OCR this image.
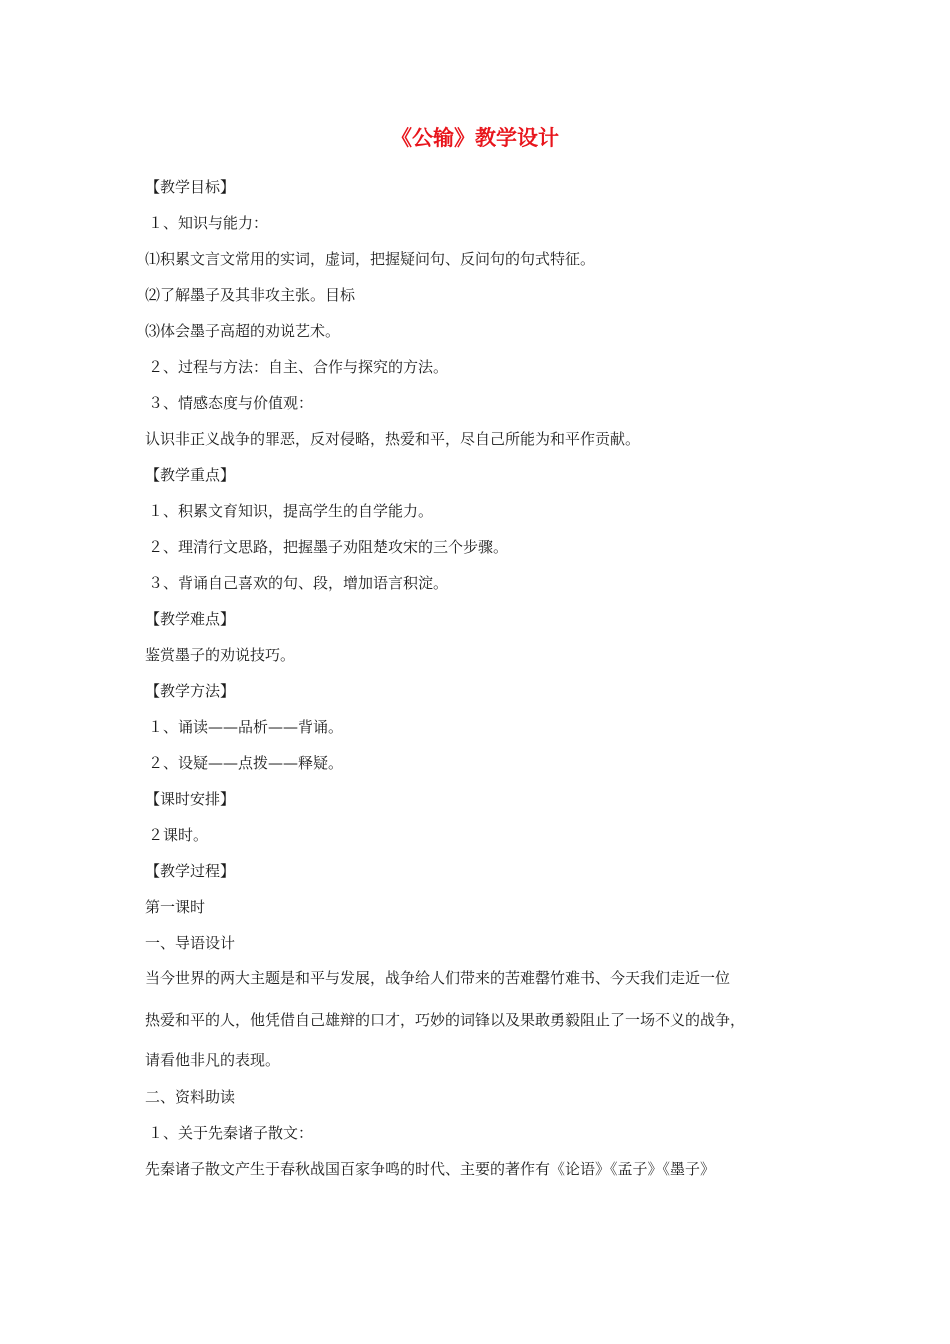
《公输》教学设计
【教学目标】
１、知识与能力：
⑴积累文言文常用的实词，虚词，把握疑问句、反问句的句式特征。
⑵了解墨子及其非攻主张。目标
⑶体会墨子高超的劝说艺术。
２、过程与方法：自主、合作与探究的方法。
３、情感态度与价值观：
认识非正义战争的罪恶，反对侵略，热爱和平，尽自己所能为和平作贡献。
【教学重点】
１、积累文育知识，提高学生的自学能力。
２、理清行文思路，把握墨子劝阻楚攻宋的三个步骤。
３、背诵自己喜欢的句、段，增加语言积淀。
【教学难点】
鉴赏墨子的劝说技巧。
【教学方法】
１、诵读——品析——背诵。
２、设疑——点拨——释疑。
【课时安排】
２课时。
【教学过程】
第一课时
一、导语设计
当今世界的两大主题是和平与发展，战争给人们带来的苦难罄竹难书、今天我们走近一位
热爱和平的人，他凭借自己雄辩的口才，巧妙的词锋以及果敢勇毅阻止了一场不义的战争，
请看他非凡的表现。
二、资料助读
１、关于先秦诸子散文：
先秦诸子散文产生于春秋战国百家争鸣的时代、主要的著作有《论语》《孟子》《墨子》
